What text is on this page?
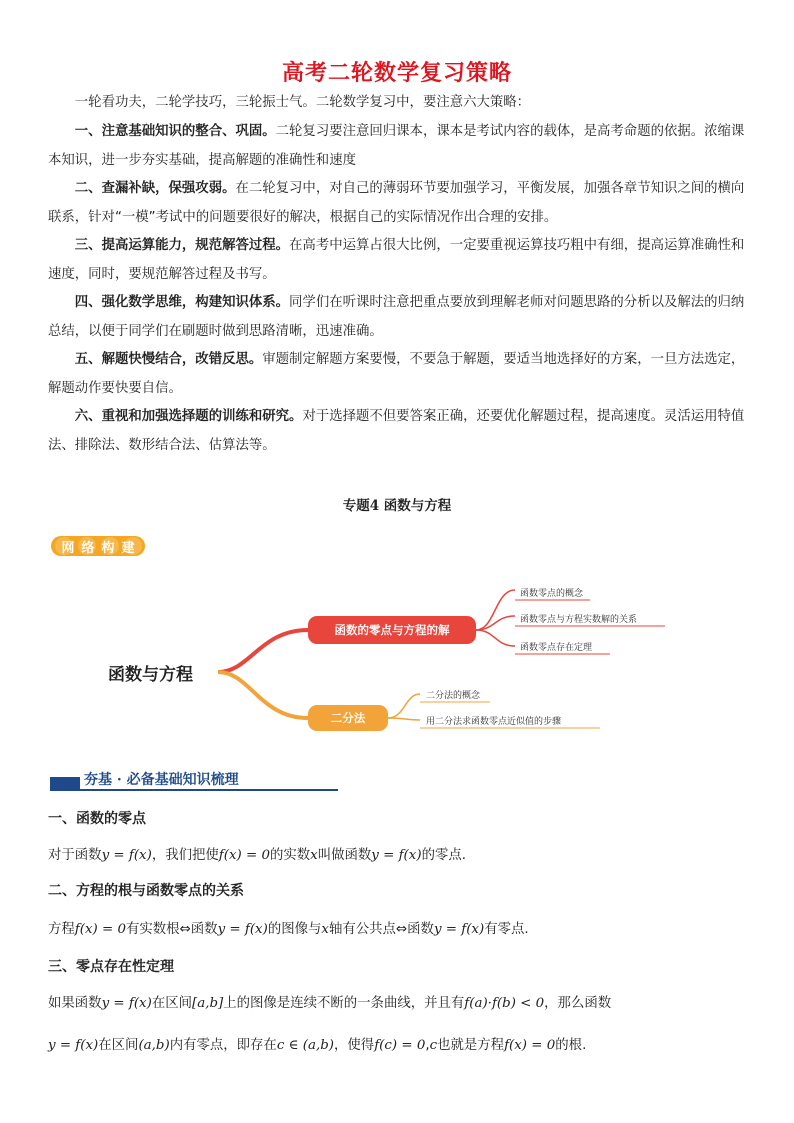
高考二轮数学复习策略

一轮看功夫，二轮学技巧，三轮振士气。二轮数学复习中，要注意六大策略：

一、注意基础知识的整合、巩固。二轮复习要注意回归课本，课本是考试内容的载体，是高考命题的依据。浓缩课本知识，进一步夯实基础，提高解题的准确性和速度

二、查漏补缺，保强攻弱。在二轮复习中，对自己的薄弱环节要加强学习，平衡发展，加强各章节知识之间的横向联系，针对“一模”考试中的问题要很好的解决，根据自己的实际情况作出合理的安排。

三、提高运算能力，规范解答过程。在高考中运算占很大比例，一定要重视运算技巧粗中有细，提高运算准确性和速度，同时，要规范解答过程及书写。

四、强化数学思维，构建知识体系。同学们在听课时注意把重点要放到理解老师对问题思路的分析以及解法的归纳总结，以便于同学们在刷题时做到思路清晰，迅速准确。

五、解题快慢结合，改错反思。审题制定解题方案要慢，不要急于解题，要适当地选择好的方案，一旦方法选定，解题动作要快要自信。

六、重视和加强选择题的训练和研究。对于选择题不但要答案正确，还要优化解题过程，提高速度。灵活运用特值法、排除法、数形结合法、估算法等。

专题4 函数与方程
网 络 构 建
函数与方程
函数的零点与方程的解
二分法
函数零点的概念
函数零点与方程实数解的关系
函数零点存在定理
二分法的概念
用二分法求函数零点近似值的步骤
夯基 · 必备基础知识梳理
一、函数的零点
对于函数y = f(x)，我们把使f(x) = 0的实数x叫做函数y = f(x)的零点.
二、方程的根与函数零点的关系
方程f(x) = 0有实数根⇔函数y = f(x)的图像与x轴有公共点⇔函数y = f(x)有零点.
三、零点存在性定理
如果函数y = f(x)在区间[a,b]上的图像是连续不断的一条曲线，并且有f(a)·f(b) < 0，那么函数
y = f(x)在区间(a,b)内有零点，即存在c ∈ (a,b)，使得f(c) = 0,c也就是方程f(x) = 0的根.
